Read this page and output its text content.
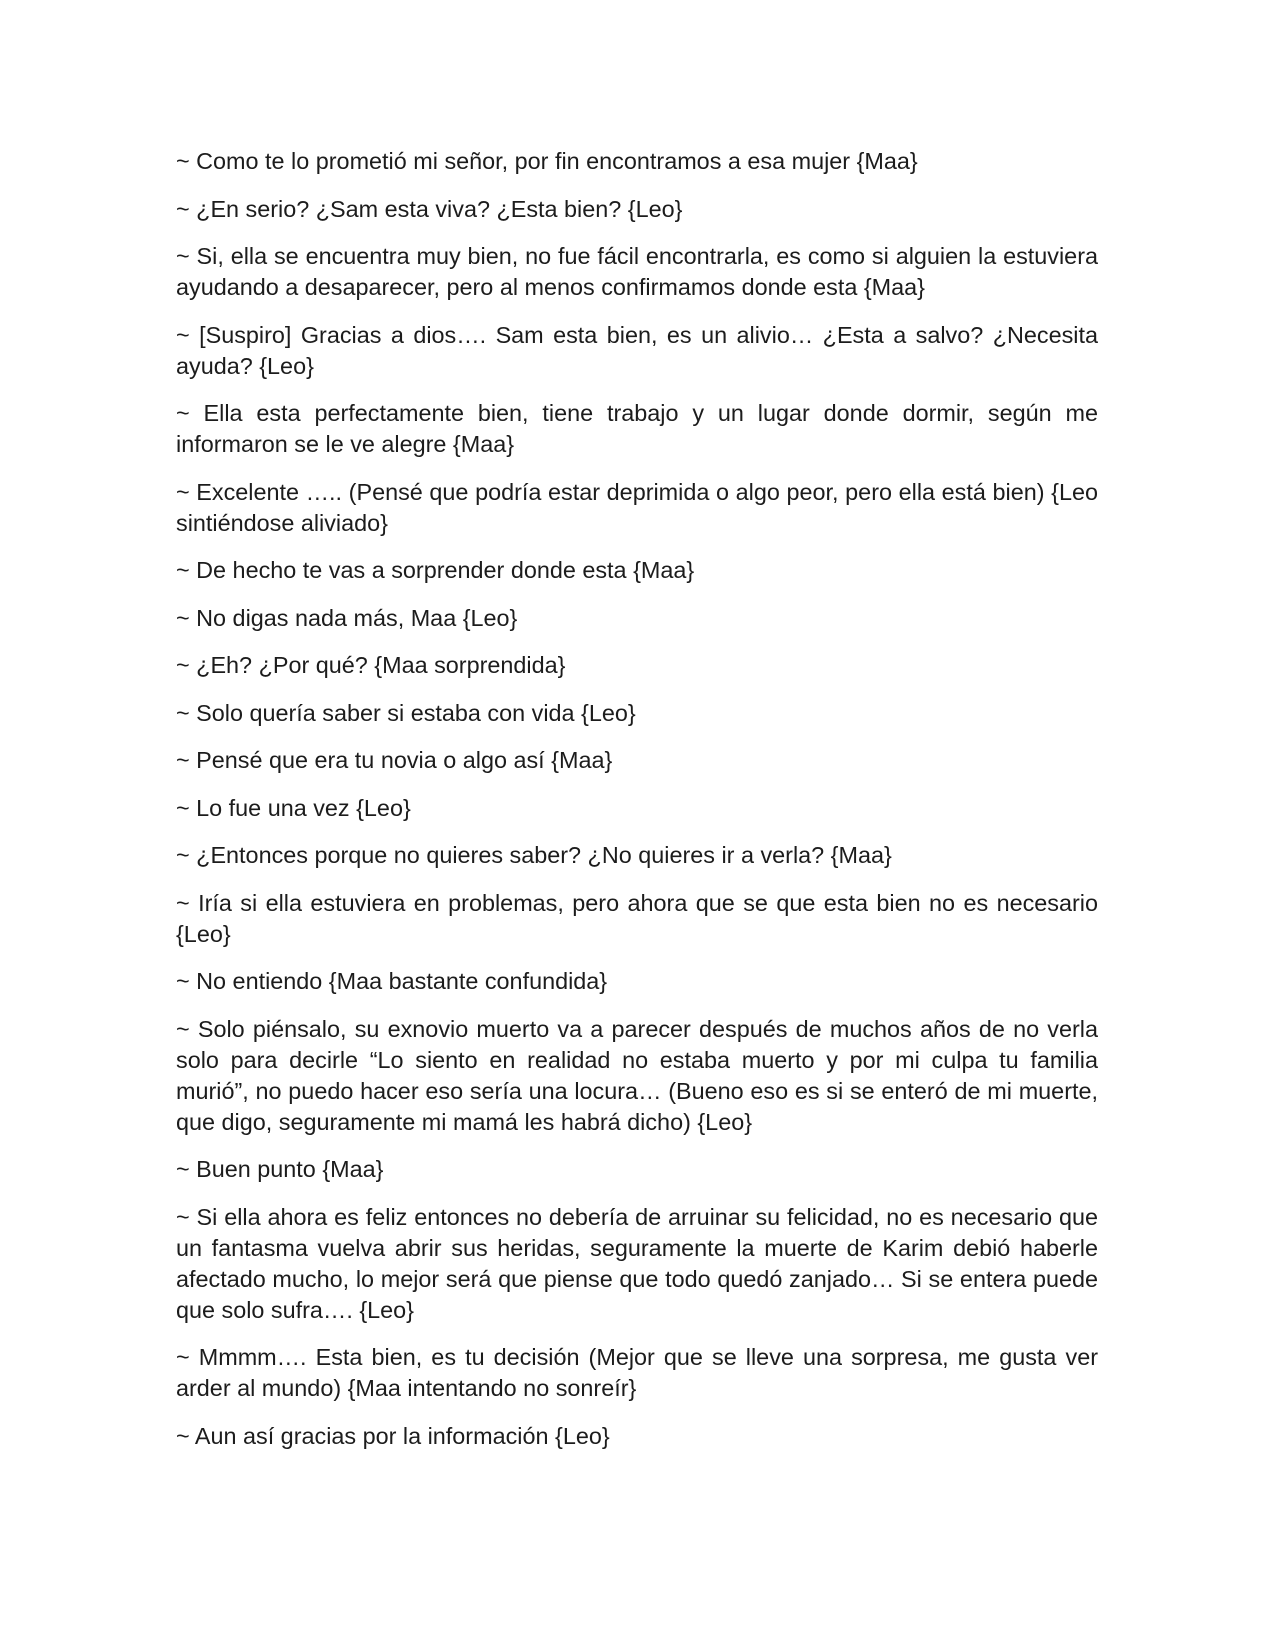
~ Como te lo prometió mi señor, por fin encontramos a esa mujer {Maa}

~ ¿En serio? ¿Sam esta viva? ¿Esta bien? {Leo}

~ Si, ella se encuentra muy bien, no fue fácil encontrarla, es como si alguien la estuviera ayudando a desaparecer, pero al menos confirmamos donde esta {Maa}

~ [Suspiro] Gracias a dios…. Sam esta bien, es un alivio… ¿Esta a salvo? ¿Necesita ayuda? {Leo}

~ Ella esta perfectamente bien, tiene trabajo y un lugar donde dormir, según me informaron se le ve alegre {Maa}

~ Excelente ….. (Pensé que podría estar deprimida o algo peor, pero ella está bien) {Leo sintiéndose aliviado}

~ De hecho te vas a sorprender donde esta {Maa}

~ No digas nada más, Maa {Leo}

~ ¿Eh? ¿Por qué? {Maa sorprendida}

~ Solo quería saber si estaba con vida {Leo}

~ Pensé que era tu novia o algo así {Maa}

~ Lo fue una vez {Leo}

~ ¿Entonces porque no quieres saber? ¿No quieres ir a verla? {Maa}

~ Iría si ella estuviera en problemas, pero ahora que se que esta bien no es necesario {Leo}

~ No entiendo {Maa bastante confundida}

~ Solo piénsalo, su exnovio muerto va a parecer después de muchos años de no verla solo para decirle “Lo siento en realidad no estaba muerto y por mi culpa tu familia murió”, no puedo hacer eso sería una locura… (Bueno eso es si se enteró de mi muerte, que digo, seguramente mi mamá les habrá dicho) {Leo}

~ Buen punto {Maa}

~ Si ella ahora es feliz entonces no debería de arruinar su felicidad, no es necesario que un fantasma vuelva abrir sus heridas, seguramente la muerte de Karim debió haberle afectado mucho, lo mejor será que piense que todo quedó zanjado… Si se entera puede que solo sufra…. {Leo}

~ Mmmm…. Esta bien, es tu decisión (Mejor que se lleve una sorpresa, me gusta ver arder al mundo) {Maa intentando no sonreír}

~ Aun así gracias por la información {Leo}
